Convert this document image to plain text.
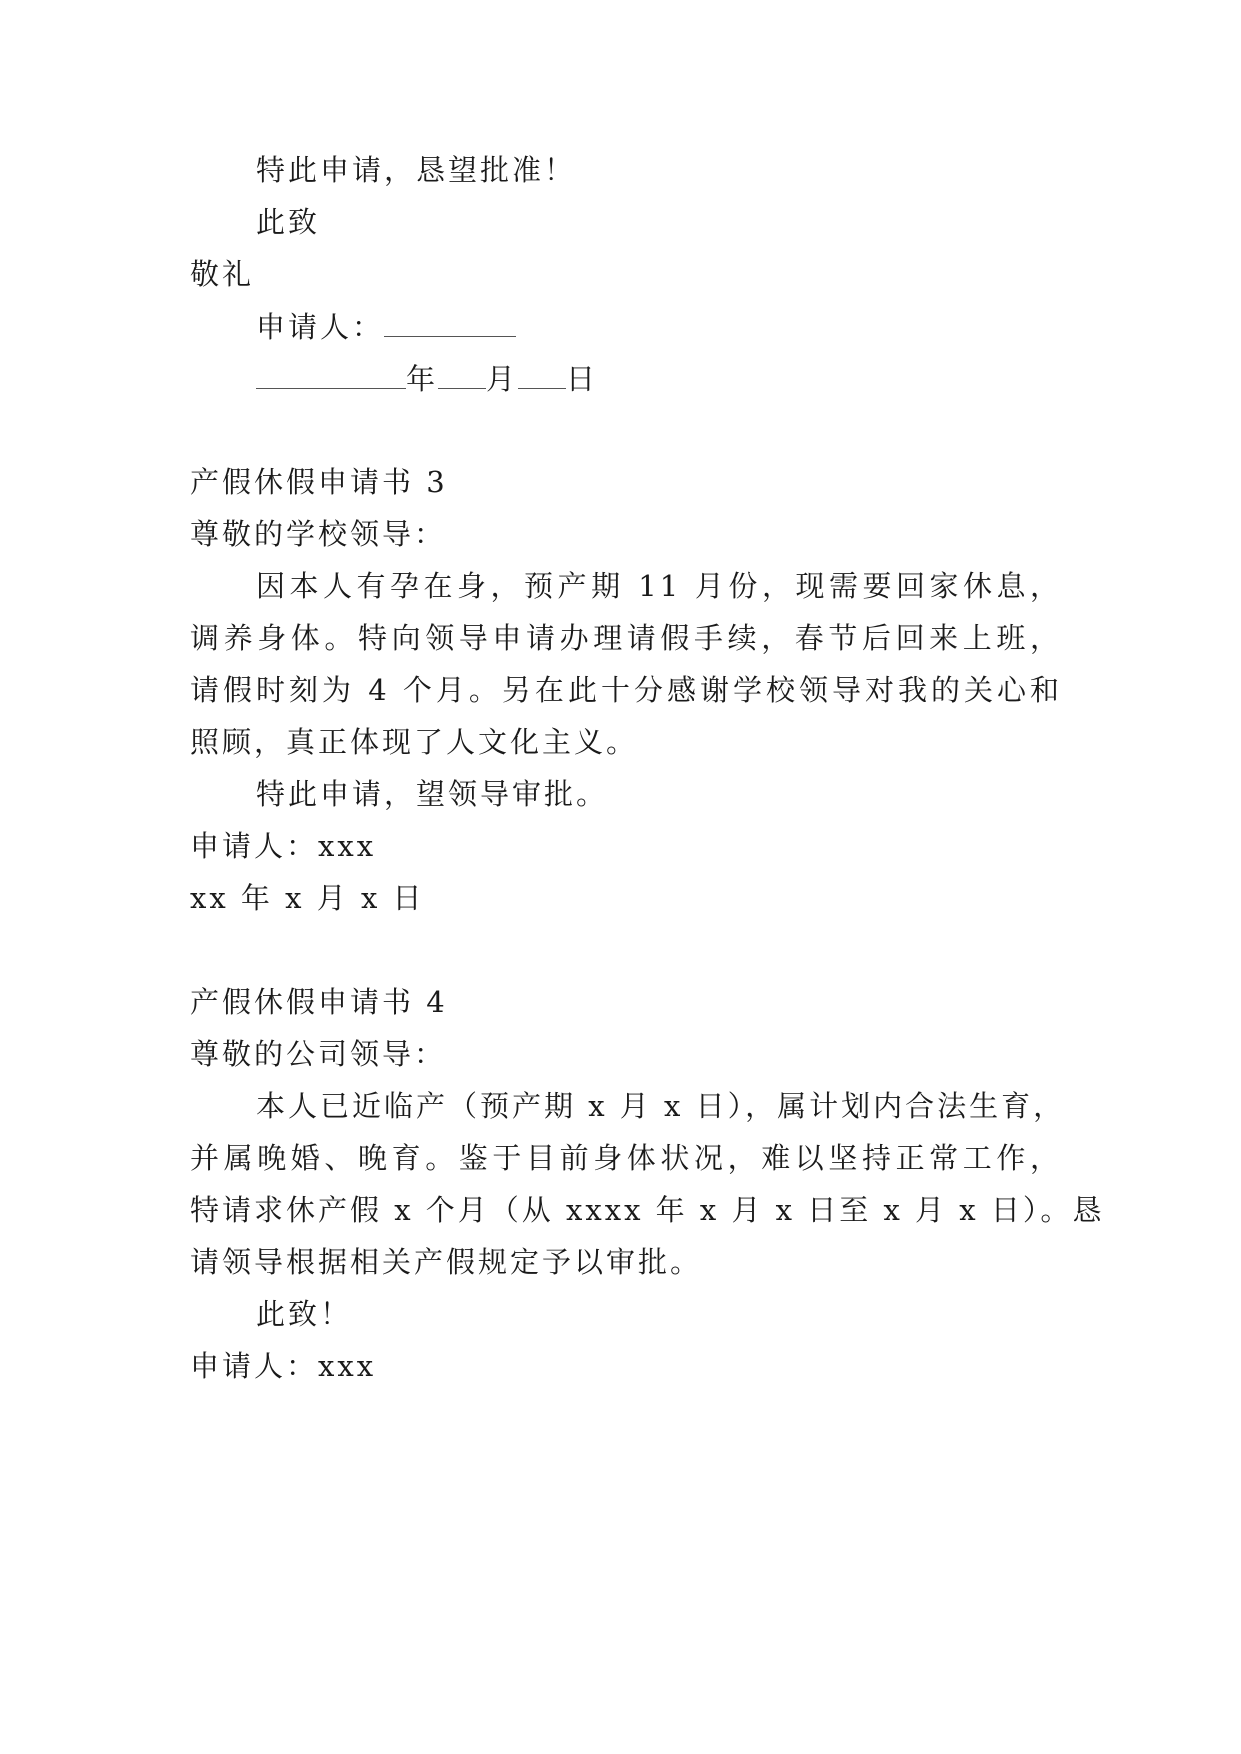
特此申请，恳望批准！
此致
敬礼
申请人：
年 月 日
产假休假申请书 3
尊敬的学校领导：
因本人有孕在身，预产期 11 月份，现需要回家休息，
调养身体。特向领导申请办理请假手续，春节后回来上班，
请假时刻为 4 个月。另在此十分感谢学校领导对我的关心和
照顾，真正体现了人文化主义。
特此申请，望领导审批。
申请人：xxx
xx 年 x 月 x 日
产假休假申请书 4
尊敬的公司领导：
本人已近临产（预产期 x 月 x 日），属计划内合法生育，
并属晚婚、晚育。鉴于目前身体状况，难以坚持正常工作，
特请求休产假 x 个月（从 xxxx 年 x 月 x 日至 x 月 x 日）。恳
请领导根据相关产假规定予以审批。
此致！
申请人：xxx
